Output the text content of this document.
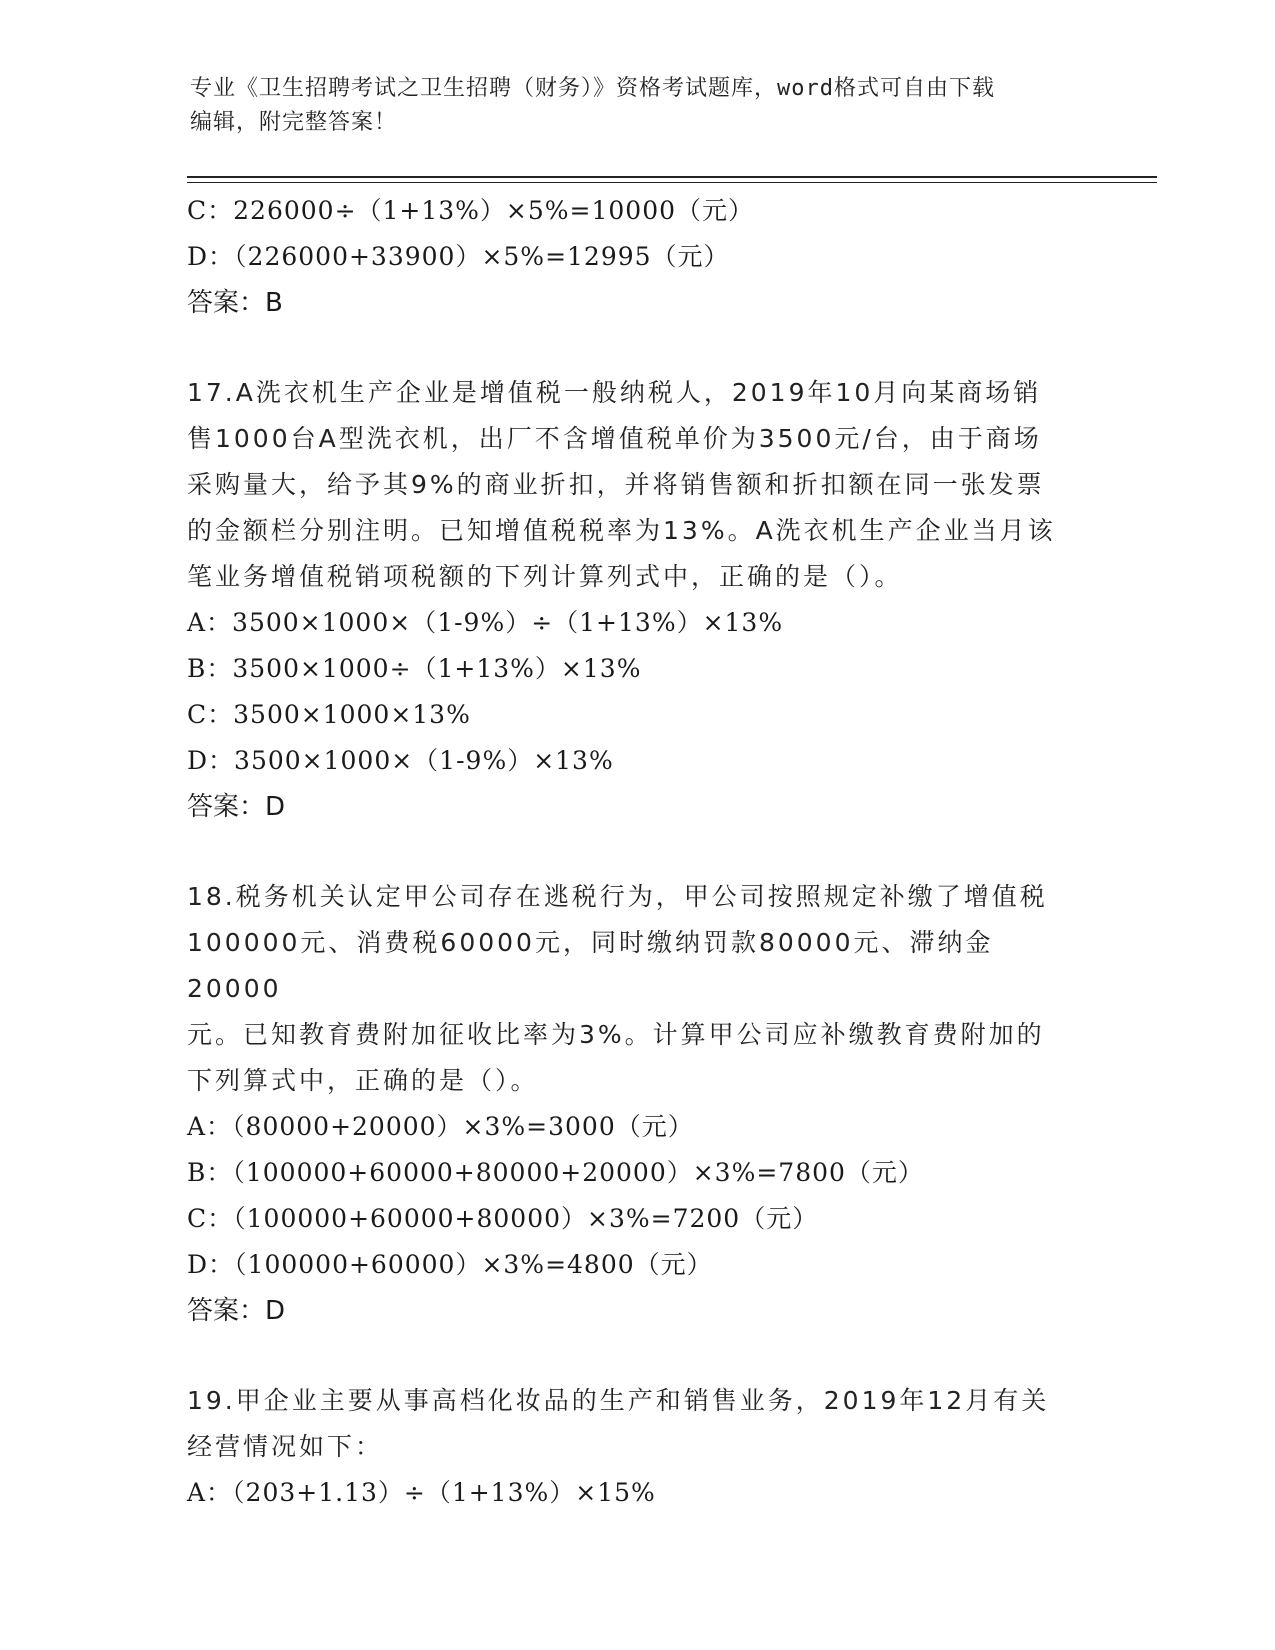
专业《卫生招聘考试之卫生招聘（财务）》资格考试题库，word格式可自由下载
编辑，附完整答案！
C：226000÷（1+13%）×5%=10000（元）
D：（226000+33900）×5%=12995（元）
答案：B
17.A洗衣机生产企业是增值税一般纳税人，2019年10月向某商场销
售1000台A型洗衣机，出厂不含增值税单价为3500元/台，由于商场
采购量大，给予其9%的商业折扣，并将销售额和折扣额在同一张发票
的金额栏分别注明。已知增值税税率为13%。A洗衣机生产企业当月该
笔业务增值税销项税额的下列计算列式中，正确的是（）。
A：3500×1000×（1-9%）÷（1+13%）×13%
B：3500×1000÷（1+13%）×13%
C：3500×1000×13%
D：3500×1000×（1-9%）×13%
答案：D
18.税务机关认定甲公司存在逃税行为，甲公司按照规定补缴了增值税
100000元、消费税60000元，同时缴纳罚款80000元、滞纳金20000
元。已知教育费附加征收比率为3%。计算甲公司应补缴教育费附加的
下列算式中，正确的是（）。
A：（80000+20000）×3%=3000（元）
B：（100000+60000+80000+20000）×3%=7800（元）
C：（100000+60000+80000）×3%=7200（元）
D：（100000+60000）×3%=4800（元）
答案：D
19.甲企业主要从事高档化妆品的生产和销售业务，2019年12月有关
经营情况如下：
A：（203+1.13）÷（1+13%）×15%
